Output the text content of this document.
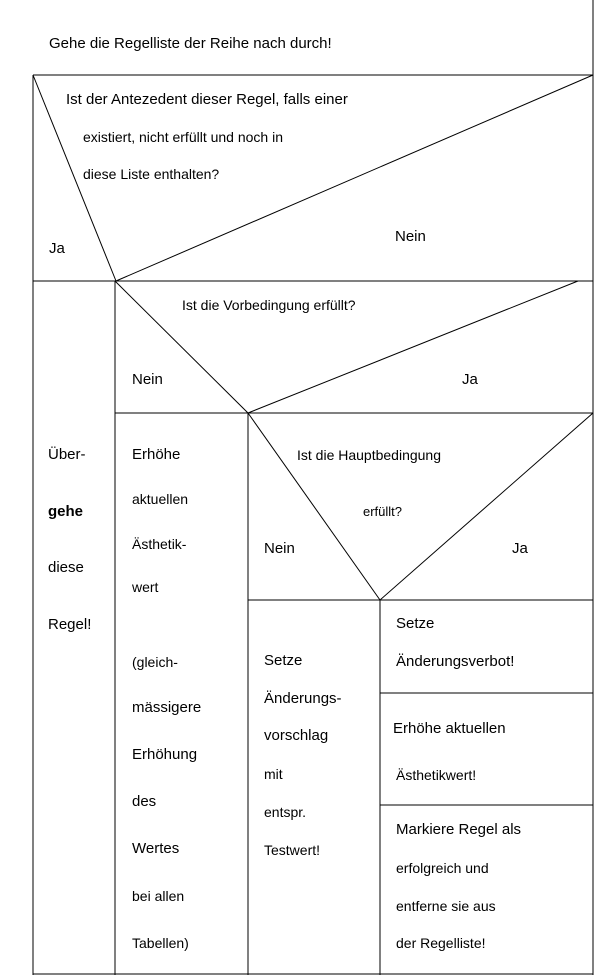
Gehe die Regelliste der Reihe nach durch!
Ist der Antezedent dieser Regel, falls einer
existiert, nicht erfüllt und noch in
diese Liste enthalten?
Ja
Nein
Über-
gehe
diese
Regel!
Ist die Vorbedingung erfüllt?
Nein	Ja
Erhöhe
aktuellen
Ästhetik-
wert
(gleich-
mässigere
Erhöhung
des
Wertes
bei allen
Tabellen)
Ist die Hauptbedingung
erfüllt?
Nein	Ja
Setze
Änderungs-
vorschlag
mit
entspr.
Testwert!
Setze
Änderungsverbot!
Erhöhe aktuellen
Ästhetikwert!
Markiere Regel als
erfolgreich und
entferne sie aus
der Regelliste!
